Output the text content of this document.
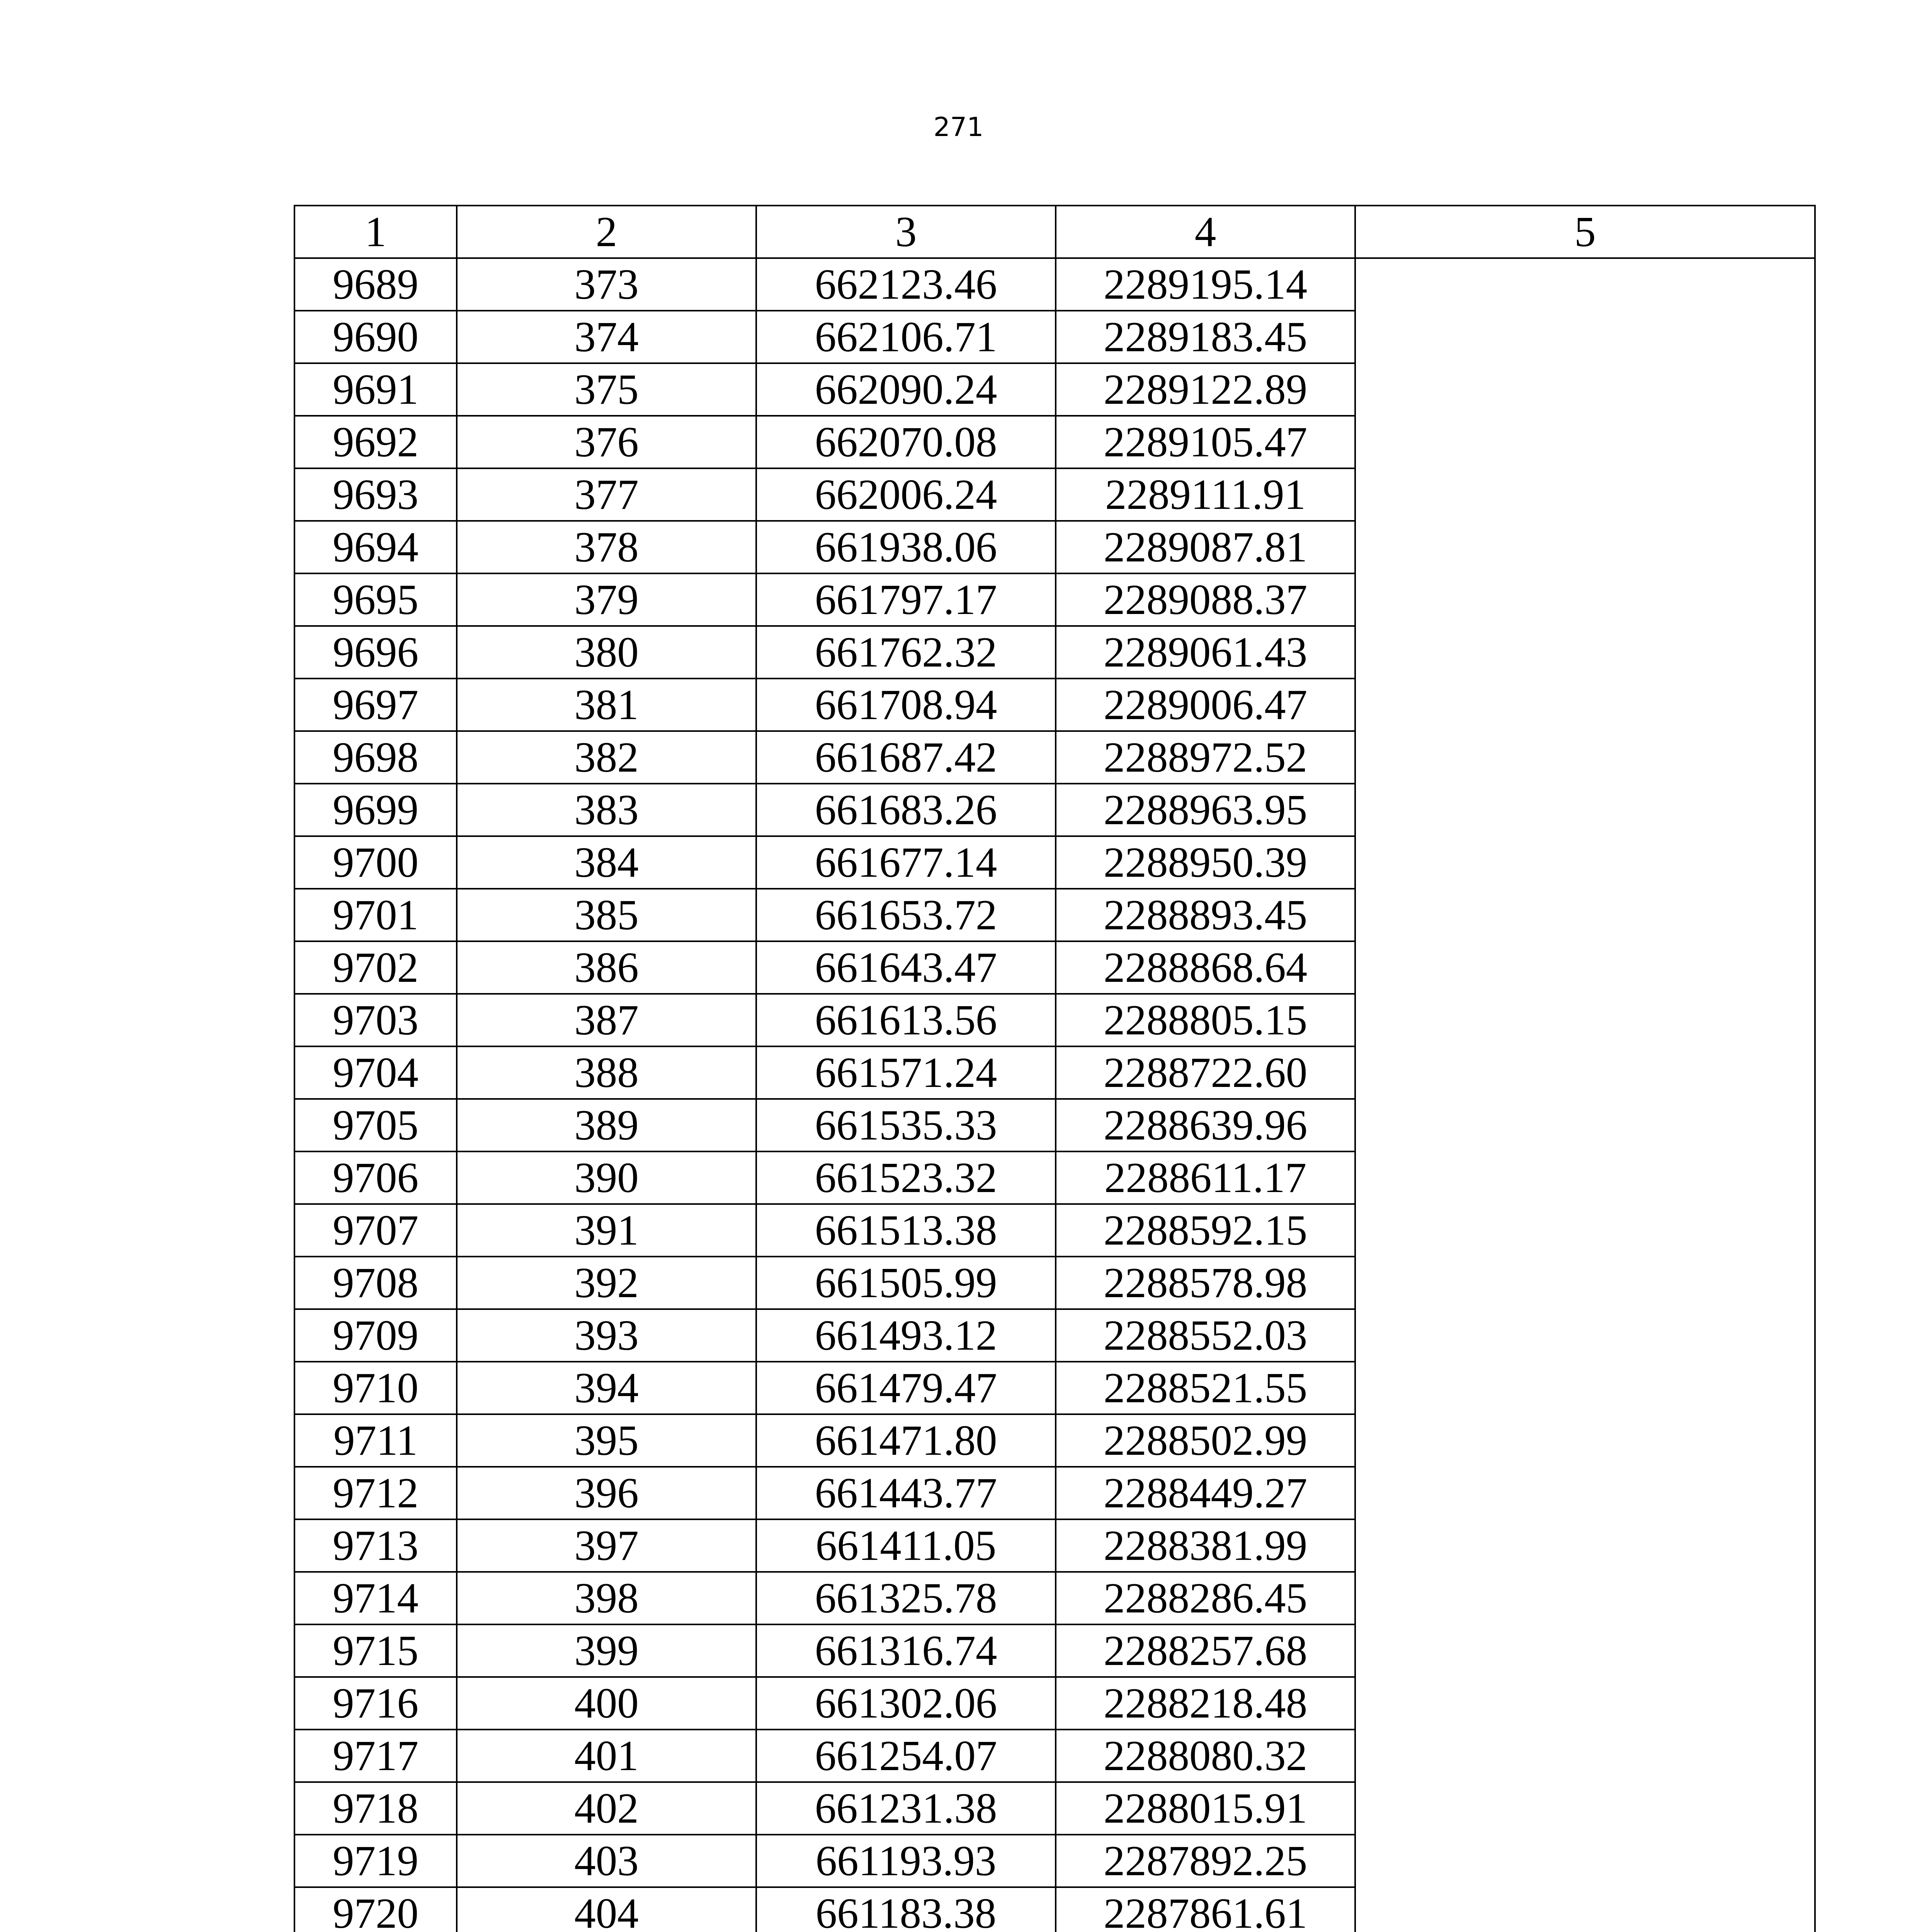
271
1	2	3	4	5
9689	373	662123.46	2289195.14	
9690	374	662106.71	2289183.45	
9691	375	662090.24	2289122.89	
9692	376	662070.08	2289105.47	
9693	377	662006.24	2289111.91	
9694	378	661938.06	2289087.81	
9695	379	661797.17	2289088.37	
9696	380	661762.32	2289061.43	
9697	381	661708.94	2289006.47	
9698	382	661687.42	2288972.52	
9699	383	661683.26	2288963.95	
9700	384	661677.14	2288950.39	
9701	385	661653.72	2288893.45	
9702	386	661643.47	2288868.64	
9703	387	661613.56	2288805.15	
9704	388	661571.24	2288722.60	
9705	389	661535.33	2288639.96	
9706	390	661523.32	2288611.17	
9707	391	661513.38	2288592.15	
9708	392	661505.99	2288578.98	
9709	393	661493.12	2288552.03	
9710	394	661479.47	2288521.55	
9711	395	661471.80	2288502.99	
9712	396	661443.77	2288449.27	
9713	397	661411.05	2288381.99	
9714	398	661325.78	2288286.45	
9715	399	661316.74	2288257.68	
9716	400	661302.06	2288218.48	
9717	401	661254.07	2288080.32	
9718	402	661231.38	2288015.91	
9719	403	661193.93	2287892.25	
9720	404	661183.38	2287861.61	
